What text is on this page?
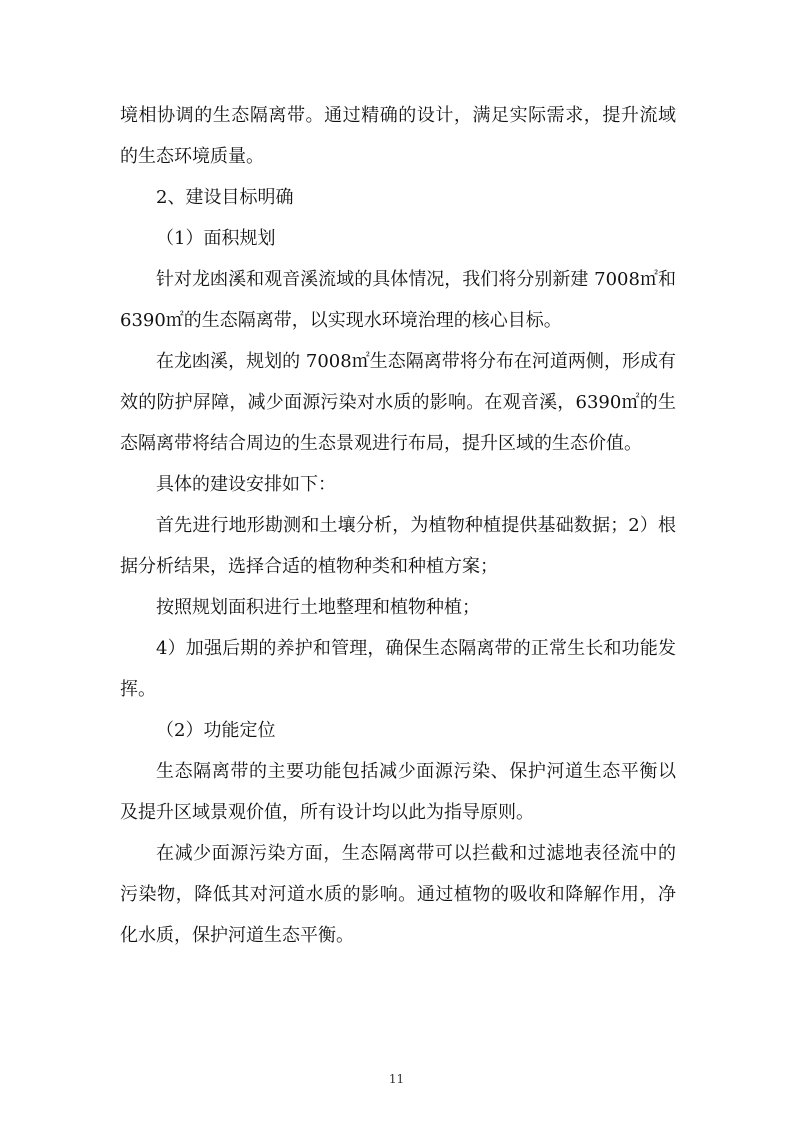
境相协调的生态隔离带。通过精确的设计，满足实际需求，提升流域的生态环境质量。

2、建设目标明确

（1）面积规划

针对龙凼溪和观音溪流域的具体情况，我们将分别新建 7008㎡和 6390㎡的生态隔离带，以实现水环境治理的核心目标。

在龙凼溪，规划的 7008㎡生态隔离带将分布在河道两侧，形成有效的防护屏障，减少面源污染对水质的影响。在观音溪，6390㎡的生态隔离带将结合周边的生态景观进行布局，提升区域的生态价值。

具体的建设安排如下：

首先进行地形勘测和土壤分析，为植物种植提供基础数据；2）根据分析结果，选择合适的植物种类和种植方案；

按照规划面积进行土地整理和植物种植；

4）加强后期的养护和管理，确保生态隔离带的正常生长和功能发挥。

（2）功能定位

生态隔离带的主要功能包括减少面源污染、保护河道生态平衡以及提升区域景观价值，所有设计均以此为指导原则。

在减少面源污染方面，生态隔离带可以拦截和过滤地表径流中的污染物，降低其对河道水质的影响。通过植物的吸收和降解作用，净化水质，保护河道生态平衡。

11
